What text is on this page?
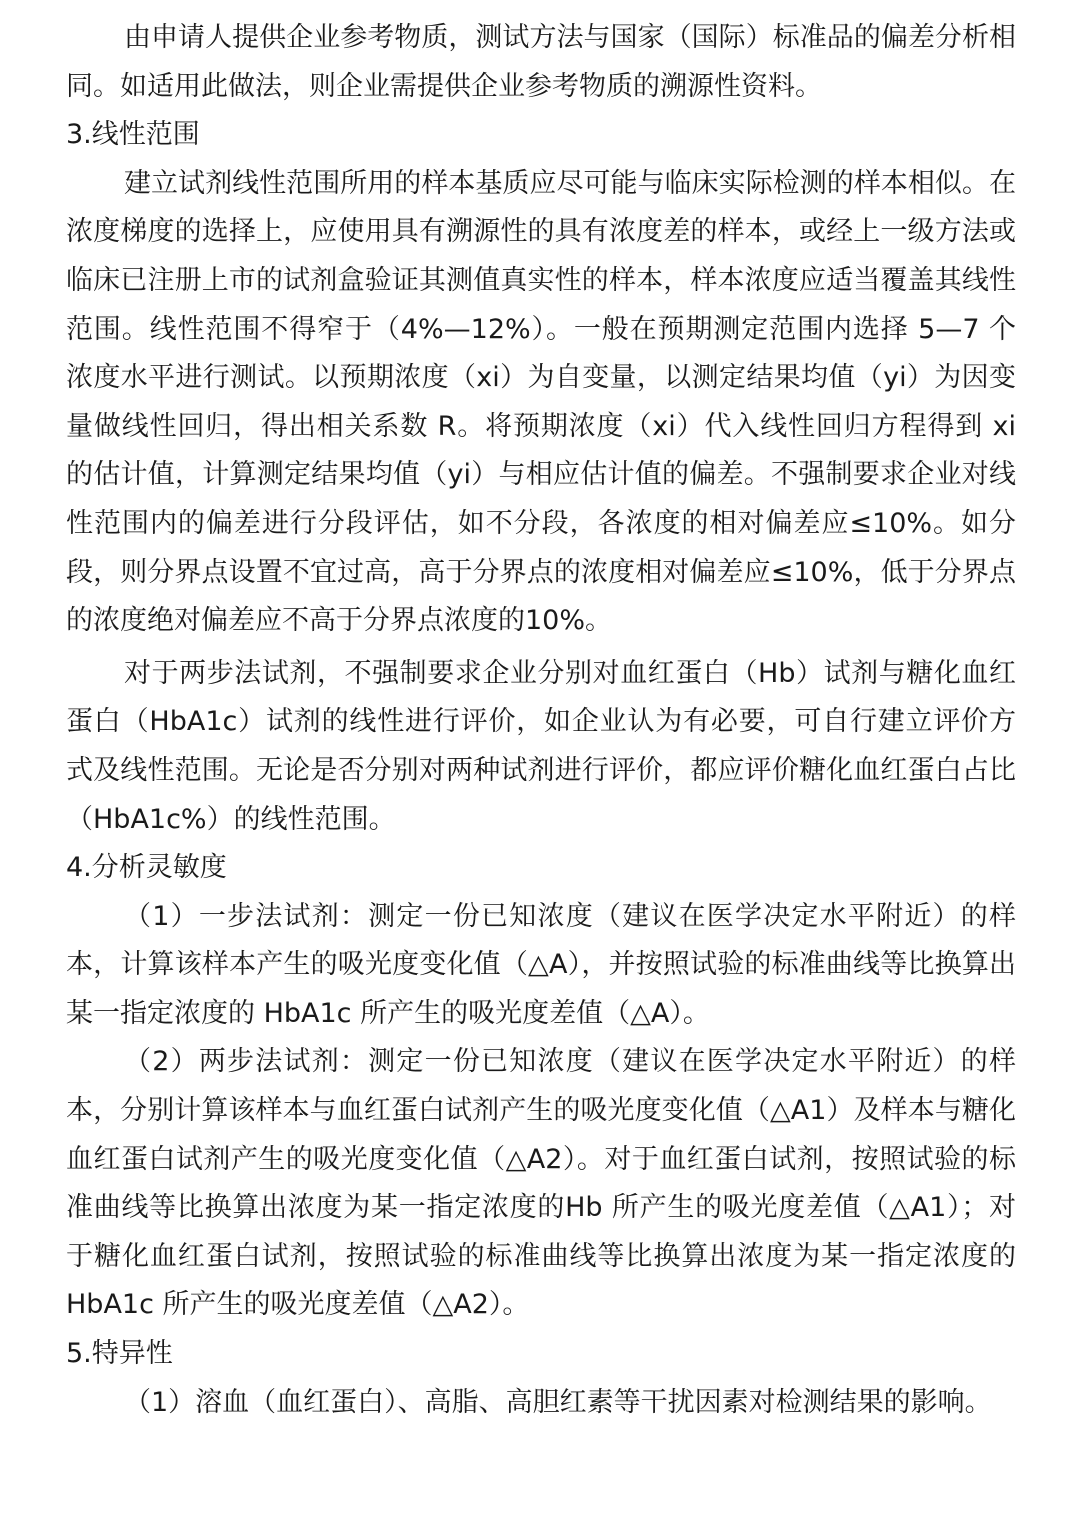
由申请人提供企业参考物质，测试方法与国家（国际）标准品的偏差分析相同。如适用此做法，则企业需提供企业参考物质的溯源性资料。

3.线性范围

建立试剂线性范围所用的样本基质应尽可能与临床实际检测的样本相似。在浓度梯度的选择上，应使用具有溯源性的具有浓度差的样本，或经上一级方法或临床已注册上市的试剂盒验证其测值真实性的样本，样本浓度应适当覆盖其线性范围。线性范围不得窄于（4%—12%）。一般在预期测定范围内选择 5—7 个浓度水平进行测试。以预期浓度（xi）为自变量，以测定结果均值（yi）为因变量做线性回归，得出相关系数 R。将预期浓度（xi）代入线性回归方程得到 xi 的估计值，计算测定结果均值（yi）与相应估计值的偏差。不强制要求企业对线性范围内的偏差进行分段评估，如不分段，各浓度的相对偏差应≤10%。如分段，则分界点设置不宜过高，高于分界点的浓度相对偏差应≤10%，低于分界点的浓度绝对偏差应不高于分界点浓度的10%。

对于两步法试剂，不强制要求企业分别对血红蛋白（Hb）试剂与糖化血红蛋白（HbA1c）试剂的线性进行评价，如企业认为有必要，可自行建立评价方式及线性范围。无论是否分别对两种试剂进行评价，都应评价糖化血红蛋白占比（HbA1c%）的线性范围。

4.分析灵敏度

（1）一步法试剂：测定一份已知浓度（建议在医学决定水平附近）的样本，计算该样本产生的吸光度变化值（△A），并按照试验的标准曲线等比换算出某一指定浓度的 HbA1c 所产生的吸光度差值（△A）。

（2）两步法试剂：测定一份已知浓度（建议在医学决定水平附近）的样本，分别计算该样本与血红蛋白试剂产生的吸光度变化值（△A1）及样本与糖化血红蛋白试剂产生的吸光度变化值（△A2）。对于血红蛋白试剂，按照试验的标准曲线等比换算出浓度为某一指定浓度的Hb 所产生的吸光度差值（△A1）；对于糖化血红蛋白试剂，按照试验的标准曲线等比换算出浓度为某一指定浓度的 HbA1c 所产生的吸光度差值（△A2）。

5.特异性

（1）溶血（血红蛋白）、高脂、高胆红素等干扰因素对检测结果的影响。
